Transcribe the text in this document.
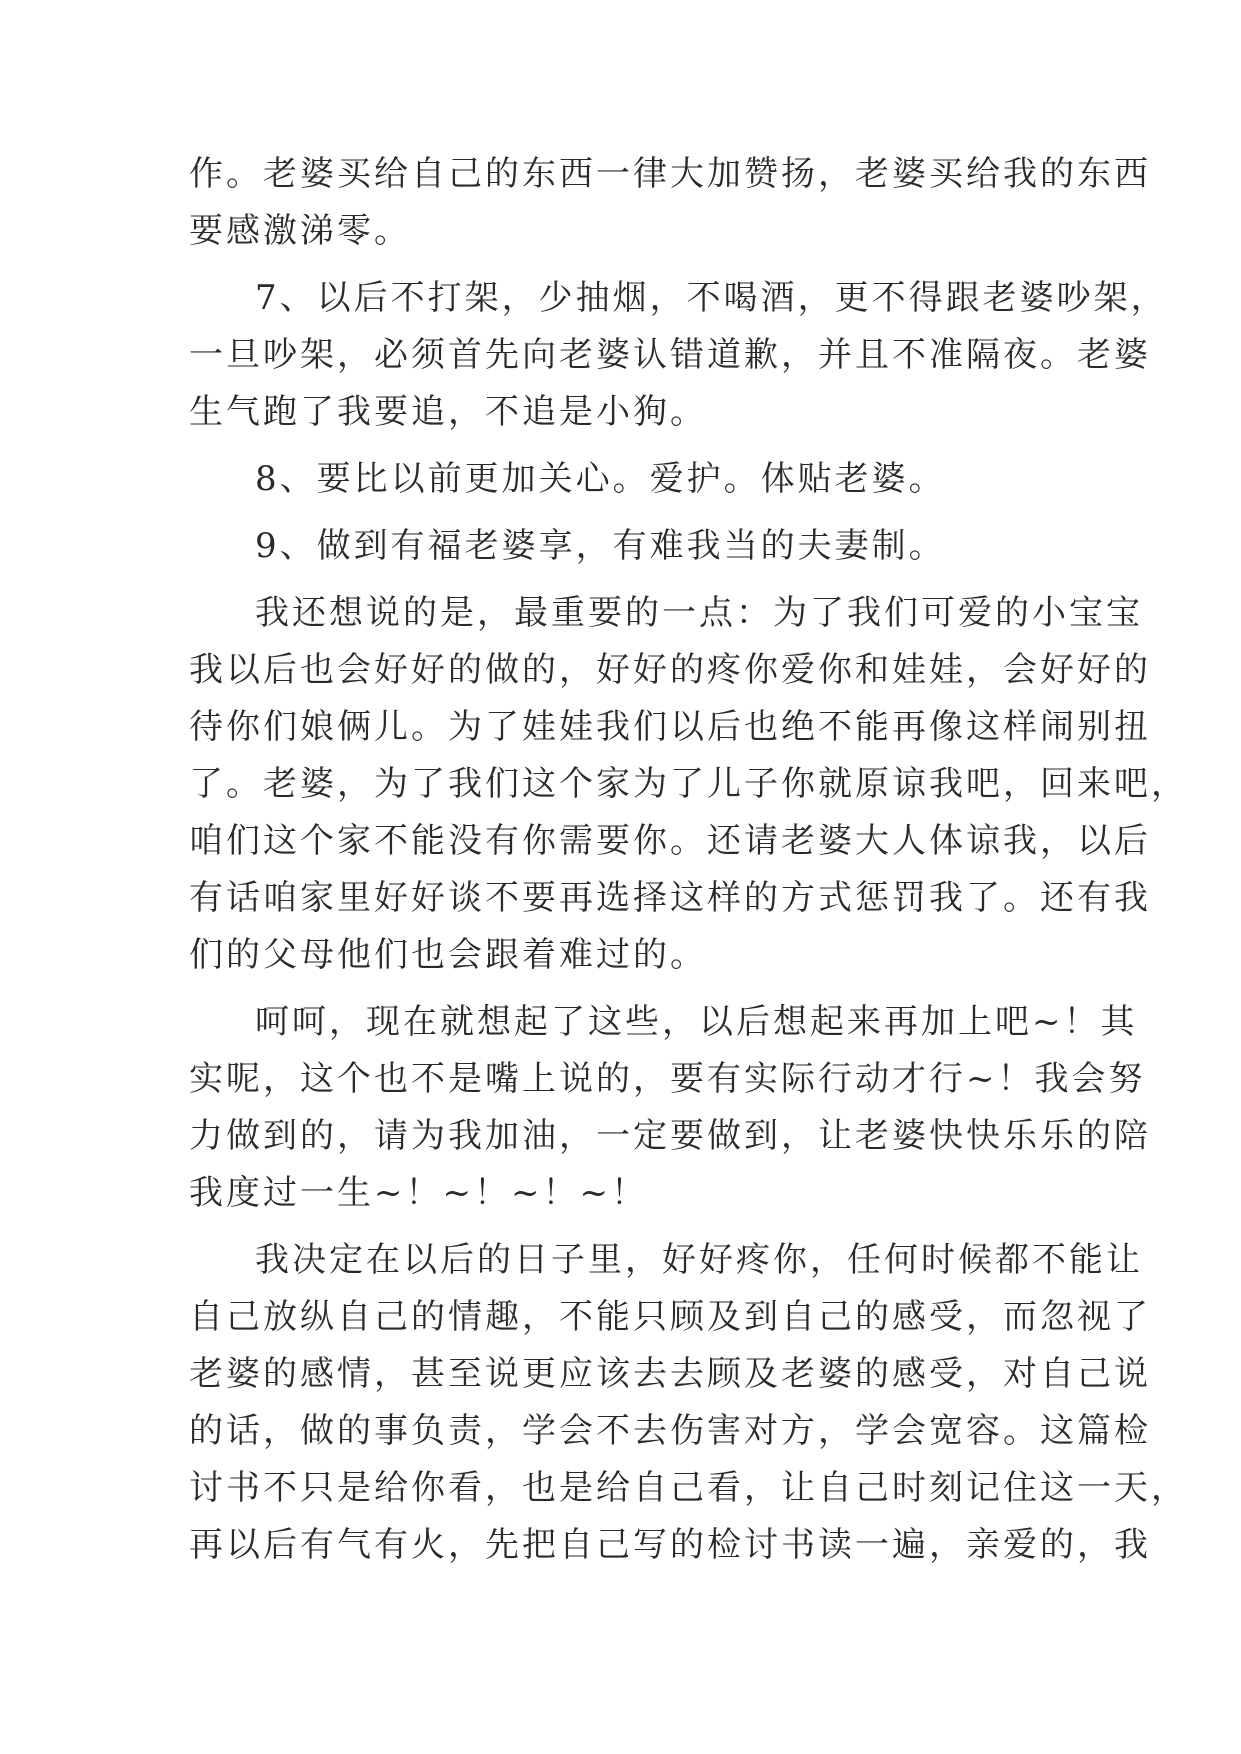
作。老婆买给自己的东西一律大加赞扬，老婆买给我的东西
要感激涕零。
7、以后不打架，少抽烟，不喝酒，更不得跟老婆吵架，
一旦吵架，必须首先向老婆认错道歉，并且不准隔夜。老婆
生气跑了我要追，不追是小狗。
8、要比以前更加关心。爱护。体贴老婆。
9、做到有福老婆享，有难我当的夫妻制。
我还想说的是，最重要的一点：为了我们可爱的小宝宝
我以后也会好好的做的，好好的疼你爱你和娃娃，会好好的
待你们娘俩儿。为了娃娃我们以后也绝不能再像这样闹别扭
了。老婆，为了我们这个家为了儿子你就原谅我吧，回来吧，
咱们这个家不能没有你需要你。还请老婆大人体谅我，以后
有话咱家里好好谈不要再选择这样的方式惩罚我了。还有我
们的父母他们也会跟着难过的。
呵呵，现在就想起了这些，以后想起来再加上吧~！其
实呢，这个也不是嘴上说的，要有实际行动才行~！我会努
力做到的，请为我加油，一定要做到，让老婆快快乐乐的陪
我度过一生~！~！~！~！
我决定在以后的日子里，好好疼你，任何时候都不能让
自己放纵自己的情趣，不能只顾及到自己的感受，而忽视了
老婆的感情，甚至说更应该去去顾及老婆的感受，对自己说
的话，做的事负责，学会不去伤害对方，学会宽容。这篇检
讨书不只是给你看，也是给自己看，让自己时刻记住这一天，
再以后有气有火，先把自己写的检讨书读一遍，亲爱的，我
